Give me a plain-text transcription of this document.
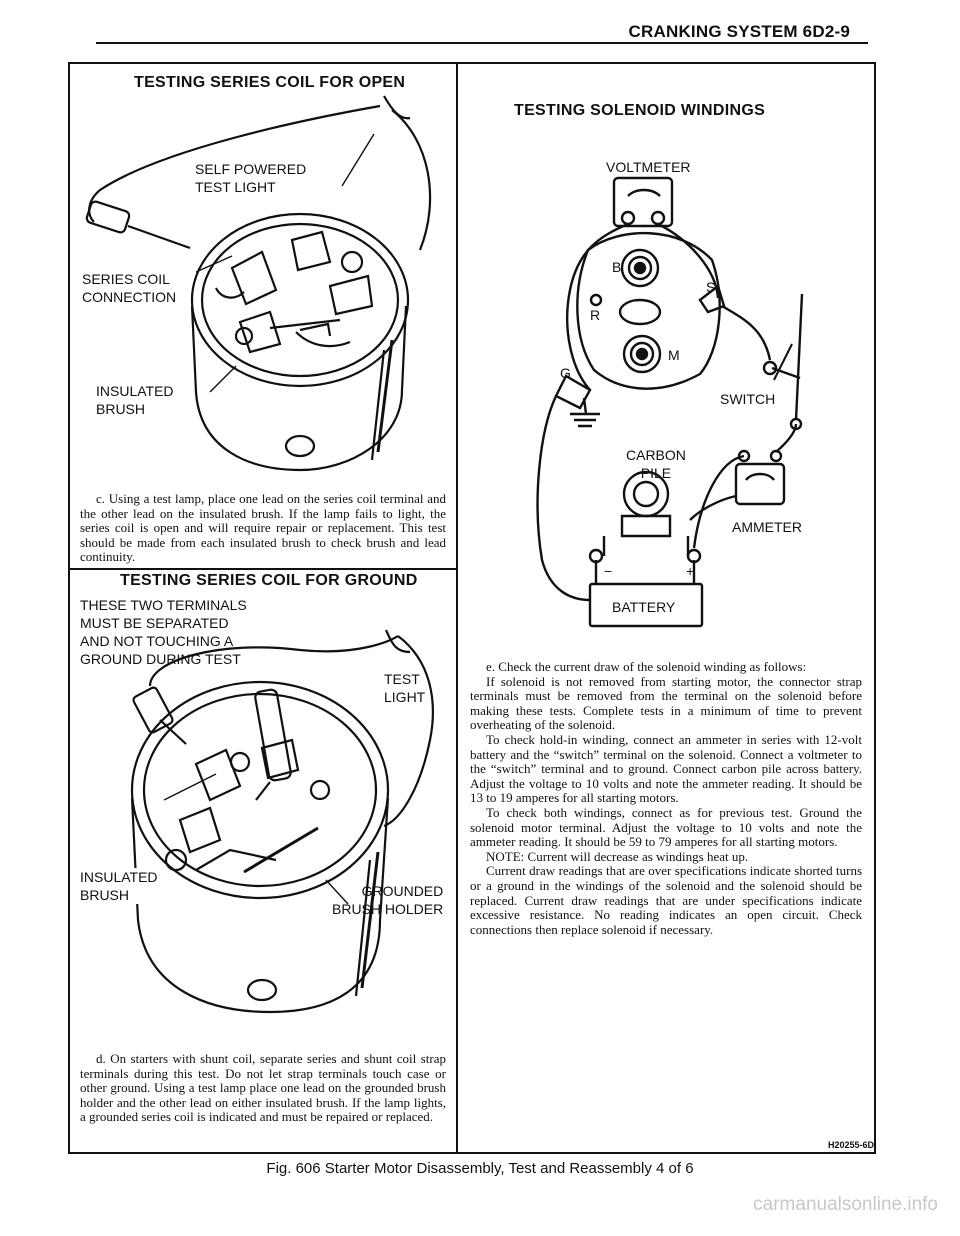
CRANKING SYSTEM 6D2-9
TESTING SERIES COIL FOR OPEN
SELF POWERED
TEST LIGHT
SERIES COIL
CONNECTION
INSULATED
BRUSH

c. Using a test lamp, place one lead on the series coil terminal and the other lead on the insulated brush. If the lamp fails to light, the series coil is open and will require repair or replacement. This test should be made from each insulated brush to check brush and lead continuity.

TESTING SERIES COIL FOR GROUND
THESE TWO TERMINALS
MUST BE SEPARATED
AND NOT TOUCHING A
GROUND DURING TEST
TEST
LIGHT
INSULATED
BRUSH	GROUNDED
BRUSH HOLDER

d. On starters with shunt coil, separate series and shunt coil strap terminals during this test. Do not let strap terminals touch case or other ground. Using a test lamp place one lead on the grounded brush holder and the other lead on either insulated brush. If the lamp lights, a grounded series coil is indicated and must be repaired or replaced.

TESTING SOLENOID WINDINGS
VOLTMETER
B
S
R
M
G
SWITCH
CARBON
PILE
AMMETER
−	+
BATTERY

e. Check the current draw of the solenoid winding as follows:

If solenoid is not removed from starting motor, the connector strap terminals must be removed from the terminal on the solenoid before making these tests. Complete tests in a minimum of time to prevent overheating of the solenoid.

To check hold-in winding, connect an ammeter in series with 12-volt battery and the “switch” terminal on the solenoid. Connect a voltmeter to the “switch” terminal and to ground. Connect carbon pile across battery. Adjust the voltage to 10 volts and note the ammeter reading. It should be 13 to 19 amperes for all starting motors.

To check both windings, connect as for previous test. Ground the solenoid motor terminal. Adjust the voltage to 10 volts and note the ammeter reading. It should be 59 to 79 amperes for all starting motors.

NOTE: Current will decrease as windings heat up.

Current draw readings that are over specifications indicate shorted turns or a ground in the windings of the solenoid and the solenoid should be replaced. Current draw readings that are under specifications indicate excessive resistance. No reading indicates an open circuit. Check connections then replace solenoid if necessary.

H20255-6D
Fig. 606 Starter Motor Disassembly, Test and Reassembly 4 of 6
carmanualsonline.info
